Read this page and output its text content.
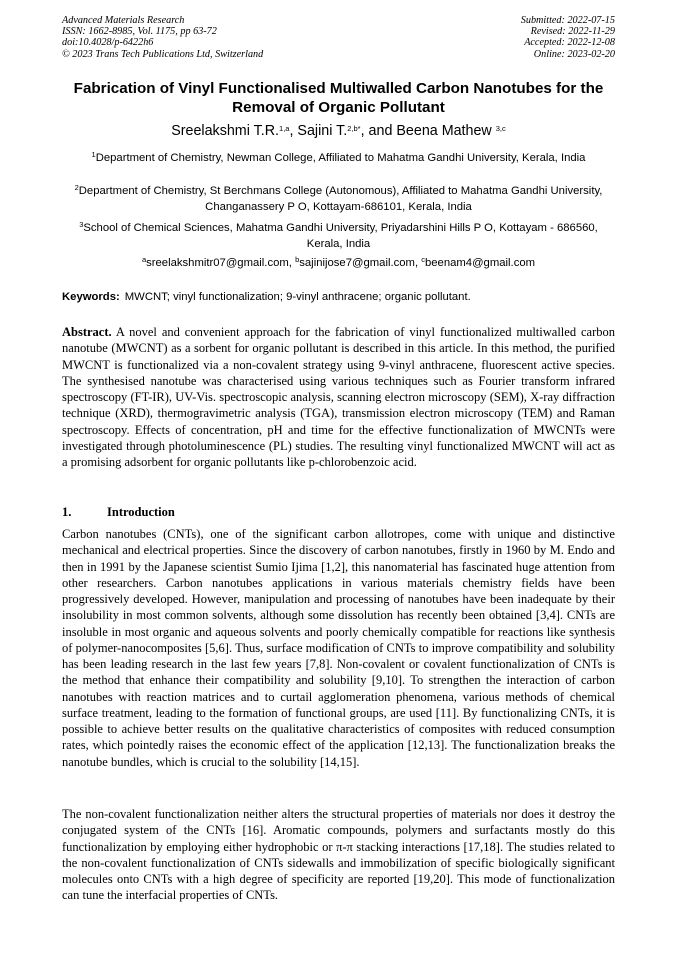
Advanced Materials Research
ISSN: 1662-8985, Vol. 1175, pp 63-72
doi:10.4028/p-6422h6
© 2023 Trans Tech Publications Ltd, Switzerland
Submitted: 2022-07-15
Revised: 2022-11-29
Accepted: 2022-12-08
Online: 2023-02-20
Fabrication of Vinyl Functionalised Multiwalled Carbon Nanotubes for the Removal of Organic Pollutant
Sreelakshmi T.R.$^{1,a}$, Sajini T.$^{2,b*}$, and Beena Mathew $^{3,c}$
$^1$Department of Chemistry, Newman College, Affiliated to Mahatma Gandhi University, Kerala, India
$^2$Department of Chemistry, St Berchmans College (Autonomous), Affiliated to Mahatma Gandhi University, Changanassery P O, Kottayam-686101, Kerala, India
$^3$School of Chemical Sciences, Mahatma Gandhi University, Priyadarshini Hills P O, Kottayam - 686560, Kerala, India
$^a$sreelakshmitr07@gmail.com, $^b$sajinijose7@gmail.com, $^c$beenam4@gmail.com
Keywords: MWCNT; vinyl functionalization; 9-vinyl anthracene; organic pollutant.

Abstract. A novel and convenient approach for the fabrication of vinyl functionalized multiwalled carbon nanotube (MWCNT) as a sorbent for organic pollutant is described in this article. In this method, the purified MWCNT is functionalized via a non-covalent strategy using 9-vinyl anthracene, fluorescent active species. The synthesised nanotube was characterised using various techniques such as Fourier transform infrared spectroscopy (FT-IR), UV-Vis. spectroscopic analysis, scanning electron microscopy (SEM), X-ray diffraction technique (XRD), thermogravimetric analysis (TGA), transmission electron microscopy (TEM) and Raman spectroscopy. Effects of concentration, pH and time for the effective functionalization of MWCNTs were investigated through photoluminescence (PL) studies. The resulting vinyl functionalized MWCNT will act as a promising adsorbent for organic pollutants like p-chlorobenzoic acid.

1.	Introduction

Carbon nanotubes (CNTs), one of the significant carbon allotropes, come with unique and distinctive mechanical and electrical properties. Since the discovery of carbon nanotubes, firstly in 1960 by M. Endo and then in 1991 by the Japanese scientist Sumio Ijima [1,2], this nanomaterial has fascinated huge attention from other researchers. Carbon nanotubes applications in various materials chemistry fields have been progressively developed. However, manipulation and processing of nanotubes have been inadequate by their insolubility in most common solvents, although some dissolution has recently been obtained [3,4]. CNTs are insoluble in most organic and aqueous solvents and poorly chemically compatible for reactions like synthesis of polymer-nanocomposites [5,6]. Thus, surface modification of CNTs to improve compatibility and solubility has been leading research in the last few years [7,8]. Non-covalent or covalent functionalization of CNTs is the method that enhance their compatibility and solubility [9,10]. To strengthen the interaction of carbon nanotubes with reaction matrices and to curtail agglomeration phenomena, various methods of chemical surface treatment, leading to the formation of functional groups, are used [11]. By functionalizing CNTs, it is possible to achieve better results on the qualitative characteristics of composites with reduced consumption rates, which pointedly raises the economic effect of the application [12,13]. The functionalization breaks the nanotube bundles, which is crucial to the solubility [14,15].

The non-covalent functionalization neither alters the structural properties of materials nor does it destroy the conjugated system of the CNTs [16]. Aromatic compounds, polymers and surfactants mostly do this functionalization by employing either hydrophobic or π-π stacking interactions [17,18]. The studies related to the non-covalent functionalization of CNTs sidewalls and immobilization of specific biologically significant molecules onto CNTs with a high degree of specificity are reported [19,20]. This mode of functionalization can tune the interfacial properties of CNTs.
